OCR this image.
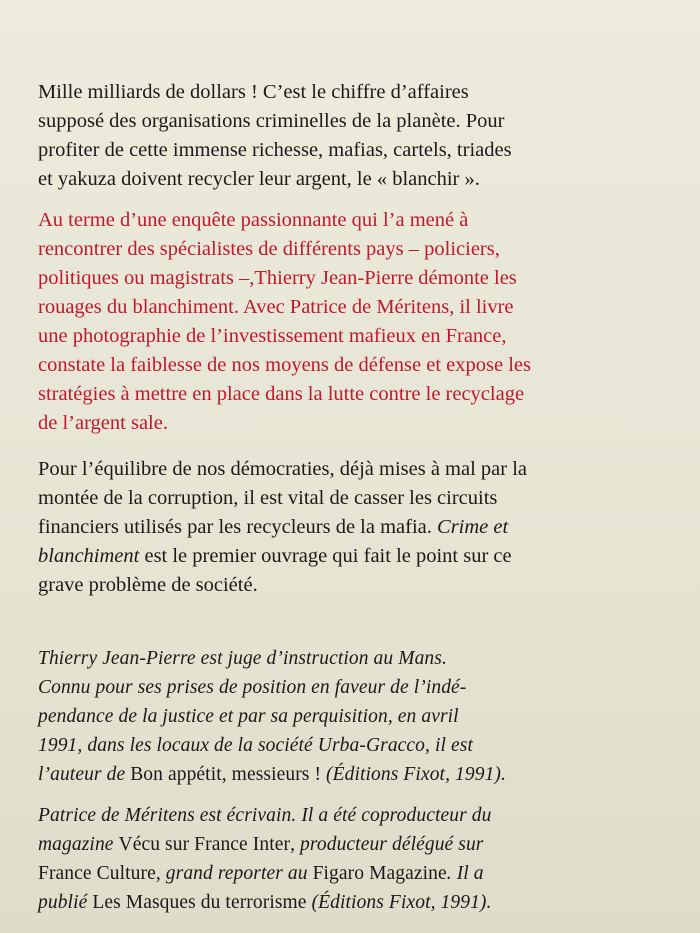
Mille milliards de dollars ! C’est le chiffre d’affaires
supposé des organisations criminelles de la planète. Pour
profiter de cette immense richesse, mafias, cartels, triades
et yakuza doivent recycler leur argent, le « blanchir ».

Au terme d’une enquête passionnante qui l’a mené à
rencontrer des spécialistes de différents pays – policiers,
politiques ou magistrats –,Thierry Jean-Pierre démonte les
rouages du blanchiment. Avec Patrice de Méritens, il livre
une photographie de l’investissement mafieux en France,
constate la faiblesse de nos moyens de défense et expose les
stratégies à mettre en place dans la lutte contre le recyclage
de l’argent sale.

Pour l’équilibre de nos démocraties, déjà mises à mal par la
montée de la corruption, il est vital de casser les circuits
financiers utilisés par les recycleurs de la mafia. Crime et
blanchiment est le premier ouvrage qui fait le point sur ce
grave problème de société.

Thierry Jean-Pierre est juge d’instruction au Mans.
Connu pour ses prises de position en faveur de l’indé-
pendance de la justice et par sa perquisition, en avril
1991, dans les locaux de la société Urba-Gracco, il est
l’auteur de Bon appétit, messieurs ! (Éditions Fixot, 1991).

Patrice de Méritens est écrivain. Il a été coproducteur du
magazine Vécu sur France Inter, producteur délégué sur
France Culture, grand reporter au Figaro Magazine. Il a
publié Les Masques du terrorisme (Éditions Fixot, 1991).
